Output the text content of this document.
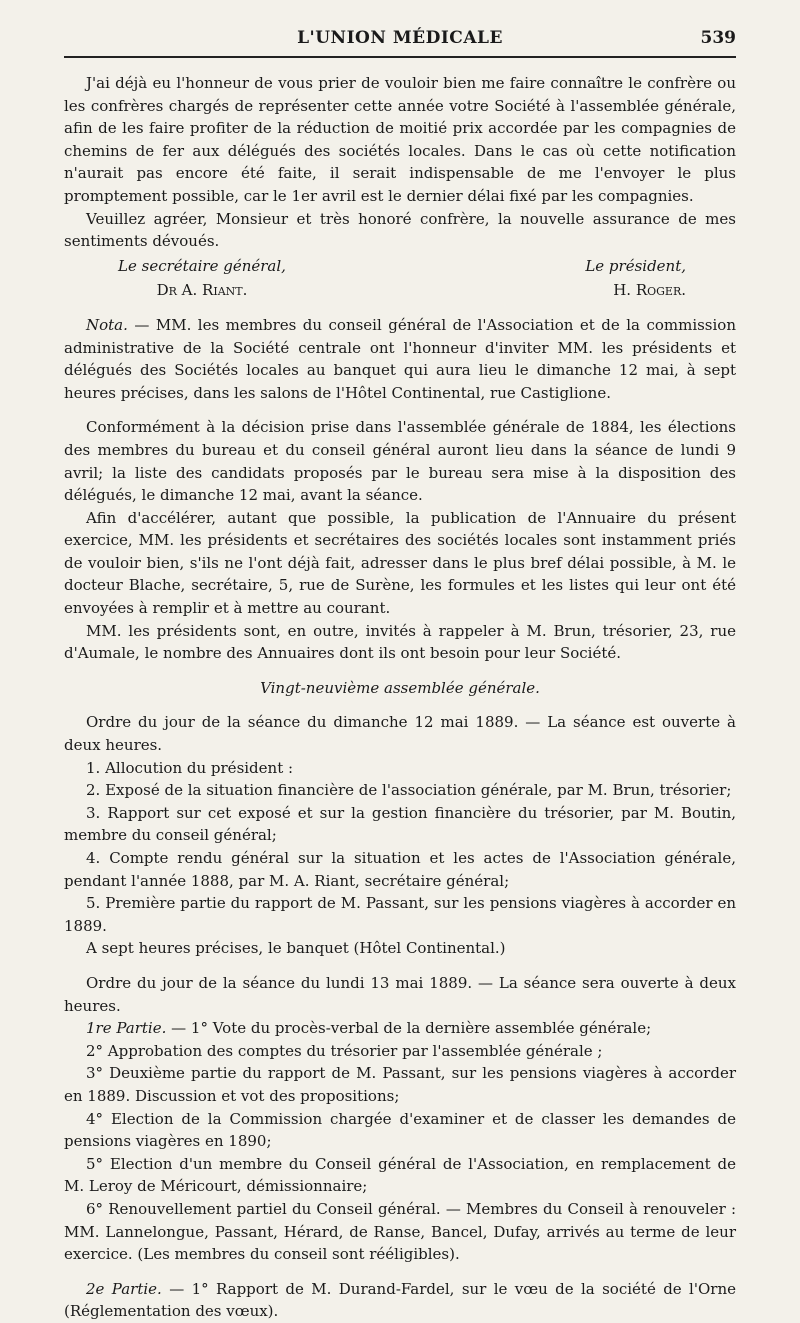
L'UNION MÉDICALE	539

J'ai déjà eu l'honneur de vous prier de vouloir bien me faire connaître le confrère ou les confrères chargés de représenter cette année votre Société à l'assemblée générale, afin de les faire profiter de la réduction de moitié prix accordée par les compagnies de chemins de fer aux délégués des sociétés locales. Dans le cas où cette notification n'aurait pas encore été faite, il serait indispensable de me l'envoyer le plus promptement possible, car le 1er avril est le dernier délai fixé par les compagnies.

Veuillez agréer, Monsieur et très honoré confrère, la nouvelle assurance de mes sentiments dévoués.

Le secrétaire général,	Le président,
Dr A. Riant.	H. Roger.

Nota. — MM. les membres du conseil général de l'Association et de la commission administrative de la Société centrale ont l'honneur d'inviter MM. les présidents et délégués des Sociétés locales au banquet qui aura lieu le dimanche 12 mai, à sept heures précises, dans les salons de l'Hôtel Continental, rue Castiglione.

Conformément à la décision prise dans l'assemblée générale de 1884, les élections des membres du bureau et du conseil général auront lieu dans la séance de lundi 9 avril; la liste des candidats proposés par le bureau sera mise à la disposition des délégués, le dimanche 12 mai, avant la séance.

Afin d'accélérer, autant que possible, la publication de l'Annuaire du présent exercice, MM. les présidents et secrétaires des sociétés locales sont instamment priés de vouloir bien, s'ils ne l'ont déjà fait, adresser dans le plus bref délai possible, à M. le docteur Blache, secrétaire, 5, rue de Surène, les formules et les listes qui leur ont été envoyées à remplir et à mettre au courant.

MM. les présidents sont, en outre, invités à rappeler à M. Brun, trésorier, 23, rue d'Aumale, le nombre des Annuaires dont ils ont besoin pour leur Société.

Vingt-neuvième assemblée générale.

Ordre du jour de la séance du dimanche 12 mai 1889. — La séance est ouverte à deux heures.

1. Allocution du président :

2. Exposé de la situation financière de l'association générale, par M. Brun, trésorier;

3. Rapport sur cet exposé et sur la gestion financière du trésorier, par M. Boutin, membre du conseil général;

4. Compte rendu général sur la situation et les actes de l'Association générale, pendant l'année 1888, par M. A. Riant, secrétaire général;

5. Première partie du rapport de M. Passant, sur les pensions viagères à accorder en 1889.

A sept heures précises, le banquet (Hôtel Continental.)

Ordre du jour de la séance du lundi 13 mai 1889. — La séance sera ouverte à deux heures.

1re Partie. — 1° Vote du procès-verbal de la dernière assemblée générale;

2° Approbation des comptes du trésorier par l'assemblée générale ;

3° Deuxième partie du rapport de M. Passant, sur les pensions viagères à accorder en 1889. Discussion et vot des propositions;

4° Election de la Commission chargée d'examiner et de classer les demandes de pensions viagères en 1890;

5° Election d'un membre du Conseil général de l'Association, en remplacement de M. Leroy de Méricourt, démissionnaire;

6° Renouvellement partiel du Conseil général. — Membres du Conseil à renouveler : MM. Lannelongue, Passant, Hérard, de Ranse, Bancel, Dufay, arrivés au terme de leur exercice. (Les membres du conseil sont rééligibles).

2e Partie. — 1° Rapport de M. Durand-Fardel, sur le vœu de la société de l'Orne (Réglementation des vœux).
